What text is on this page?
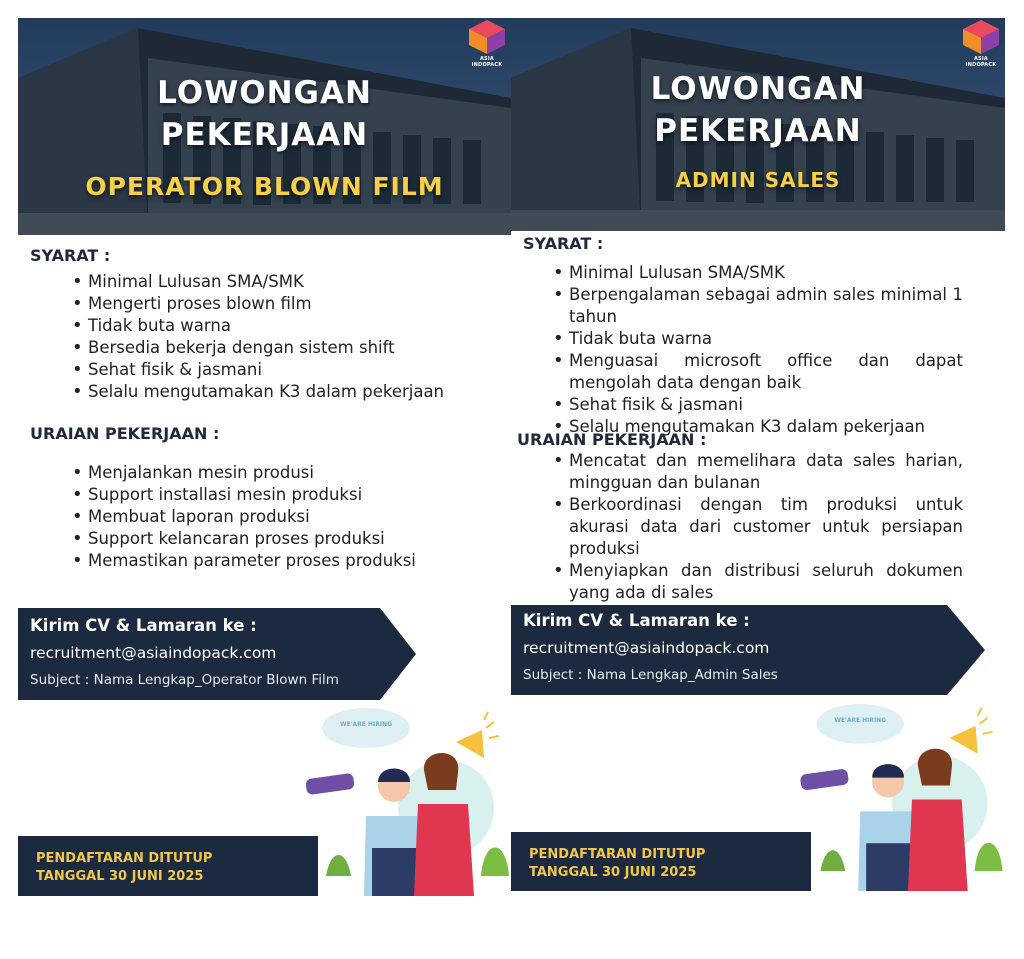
ASIA INDOPACK
LOWONGAN
PEKERJAAN
OPERATOR BLOWN FILM
SYARAT :
• Minimal Lulusan SMA/SMK
• Mengerti proses blown film
• Tidak buta warna
• Bersedia bekerja dengan sistem shift
• Sehat fisik & jasmani
• Selalu mengutamakan K3 dalam pekerjaan
URAIAN PEKERJAAN :
• Menjalankan mesin produsi
• Support installasi mesin produksi
• Membuat laporan produksi
• Support kelancaran proses produksi
• Memastikan parameter proses produksi
Kirim CV & Lamaran ke :
recruitment@asiaindopack.com
Subject : Nama Lengkap_Operator Blown Film
PENDAFTARAN DITUTUP
TANGGAL 30 JUNI 2025
WE'ARE HIRING
ASIA INDOPACK
LOWONGAN
PEKERJAAN
ADMIN SALES
SYARAT :
• Minimal Lulusan SMA/SMK
• Berpengalaman sebagai admin sales minimal 1 tahun
• Tidak buta warna
• Menguasai microsoft office dan dapat mengolah data dengan baik
• Sehat fisik & jasmani
• Selalu mengutamakan K3 dalam pekerjaan
URAIAN PEKERJAAN :
• Mencatat dan memelihara data sales harian, mingguan dan bulanan
• Berkoordinasi dengan tim produksi untuk akurasi data dari customer untuk persiapan produksi
• Menyiapkan dan distribusi seluruh dokumen yang ada di sales
Kirim CV & Lamaran ke :
recruitment@asiaindopack.com
Subject : Nama Lengkap_Admin Sales
PENDAFTARAN DITUTUP
TANGGAL 30 JUNI 2025
WE'ARE HIRING
